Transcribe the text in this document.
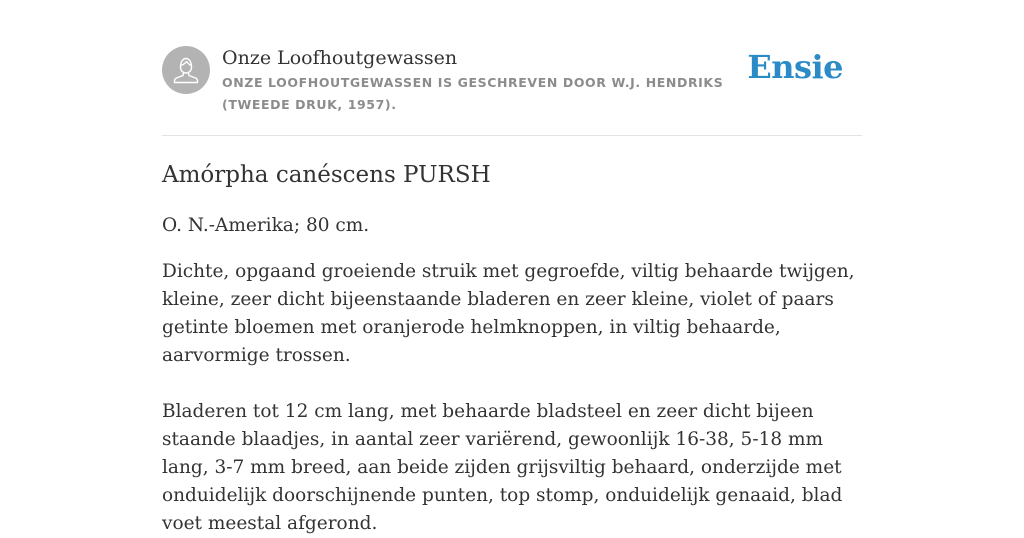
Onze Loofhoutgewassen
ONZE LOOFHOUTGEWASSEN IS GESCHREVEN DOOR W.J. HENDRIKS (TWEEDE DRUK, 1957).
Ensie
Amórpha canéscens PURSH

O. N.-Amerika; 80 cm.

Dichte, opgaand groeiende struik met gegroefde, viltig behaarde twijgen, kleine, zeer dicht bijeenstaande bladeren en zeer kleine, violet of paars getinte bloemen met oranjerode helmknoppen, in viltig behaarde, aarvormige trossen.

Bladeren tot 12 cm lang, met behaarde bladsteel en zeer dicht bijeen staande blaadjes, in aantal zeer variërend, gewoonlijk 16-38, 5-18 mm lang, 3-7 mm breed, aan beide zijden grijsviltig behaard, onderzijde met onduidelijk doorschijnende punten, top stomp, onduidelijk genaaid, blad voet meestal afgerond.
